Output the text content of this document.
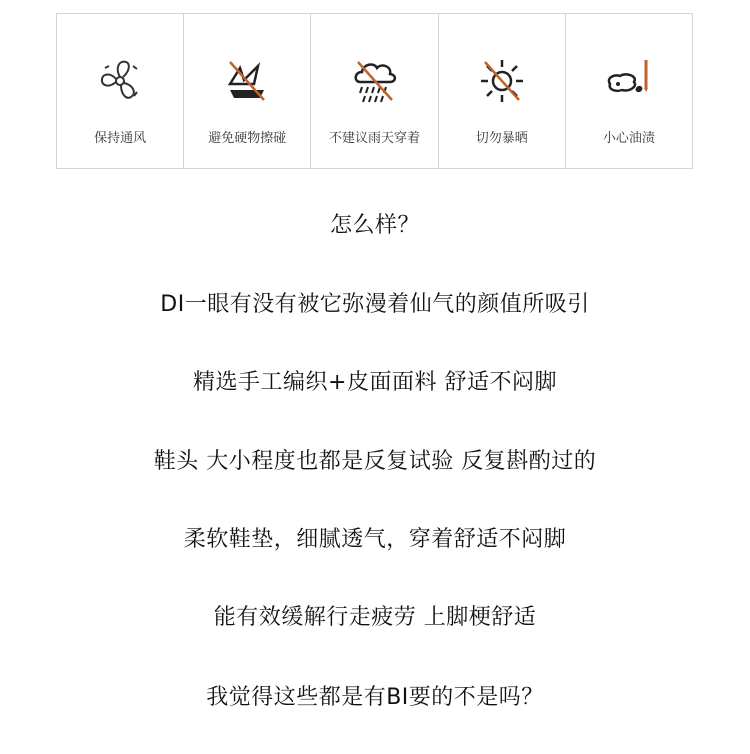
保持通风	避免硬物擦碰	不建议雨天穿着	切勿暴晒	小心油渍
怎么样？
DI一眼有没有被它弥漫着仙气的颜值所吸引
精选手工编织+皮面面料 舒适不闷脚
鞋头 大小程度也都是反复试验 反复斟酌过的
柔软鞋垫，细腻透气，穿着舒适不闷脚
能有效缓解行走疲劳 上脚梗舒适
我觉得这些都是有BI要的不是吗？
